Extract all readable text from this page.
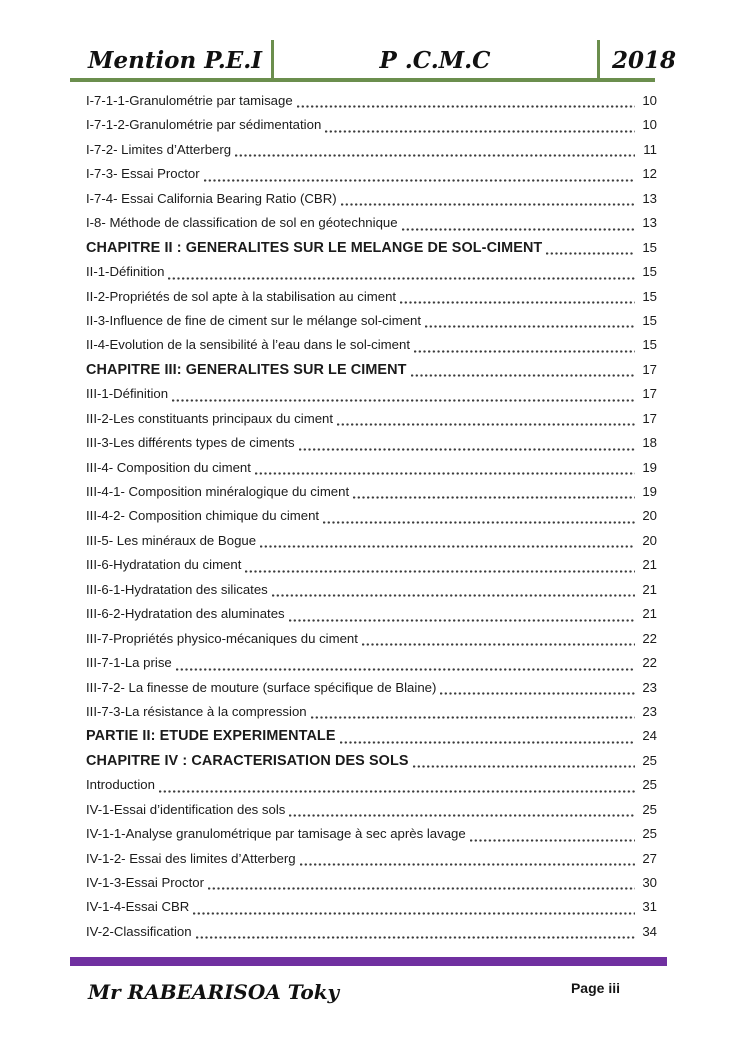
Mention P.E.I	P .C.M.C	2018
I-7-1-1-Granulométrie par tamisage	10
I-7-1-2-Granulométrie par sédimentation	10
I-7-2- Limites d’Atterberg	11
I-7-3- Essai Proctor	12
I-7-4- Essai California Bearing Ratio (CBR)	13
I-8- Méthode de classification de sol en géotechnique	13
CHAPITRE II : GENERALITES SUR LE MELANGE DE SOL-CIMENT	15
II-1-Définition	15
II-2-Propriétés de sol apte à la stabilisation au ciment	15
II-3-Influence de fine de ciment sur le mélange sol-ciment	15
II-4-Evolution de la sensibilité à l’eau dans le sol-ciment	15
CHAPITRE III: GENERALITES SUR LE CIMENT	17
III-1-Définition	17
III-2-Les constituants principaux du ciment	17
III-3-Les différents types de ciments	18
III-4- Composition du ciment	19
III-4-1- Composition minéralogique du ciment	19
III-4-2- Composition chimique du ciment	20
III-5- Les minéraux de Bogue	20
III-6-Hydratation du ciment	21
III-6-1-Hydratation des silicates	21
III-6-2-Hydratation des aluminates	21
III-7-Propriétés physico-mécaniques du ciment	22
III-7-1-La prise	22
III-7-2- La finesse de mouture (surface spécifique de Blaine)	23
III-7-3-La résistance à la compression	23
PARTIE II: ETUDE EXPERIMENTALE	24
CHAPITRE IV : CARACTERISATION DES SOLS	25
Introduction	25
IV-1-Essai d’identification des sols	25
IV-1-1-Analyse granulométrique par tamisage à sec après lavage	25
IV-1-2- Essai des limites d’Atterberg	27
IV-1-3-Essai Proctor	30
IV-1-4-Essai CBR	31
IV-2-Classification	34
Mr RABEARISOA Toky	Page iii
